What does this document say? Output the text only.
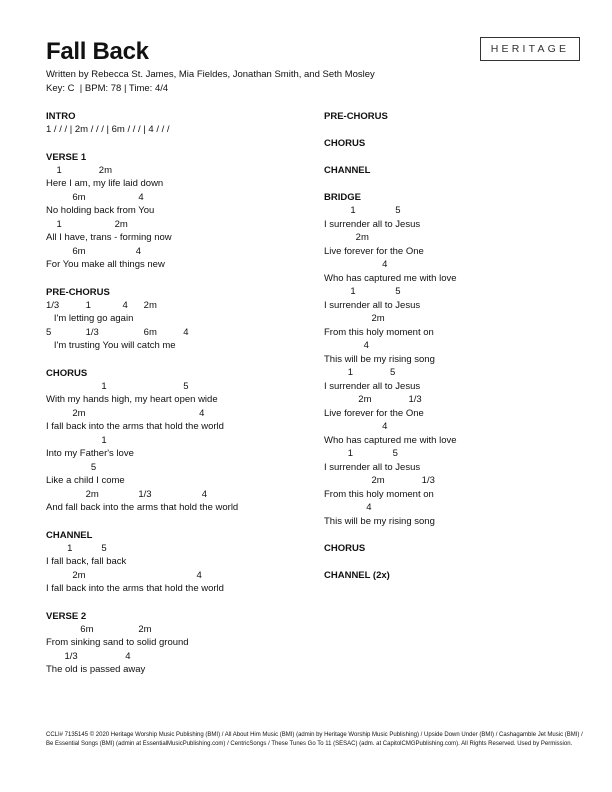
Fall Back	HERITAGE
Written by Rebecca St. James, Mia Fieldes, Jonathan Smith, and Seth Mosley
Key: C  | BPM: 78 | Time: 4/4
INTRO
1 / / / | 2m / / / | 6m / / / | 4 / / /
VERSE 1
1              2m
Here I am, my life laid down
6m                    4
No holding back from You
1                    2m
All I have, trans - forming now
6m                   4
For You make all things new
PRE-CHORUS
1/3          1            4      2m
I'm letting go again
5             1/3                 6m          4
I'm trusting You will catch me
CHORUS
1                             5
With my hands high, my heart open wide
2m                                           4
I fall back into the arms that hold the world
1
Into my Father's love
5
Like a child I come
2m               1/3                   4
And fall back into the arms that hold the world
CHANNEL
1           5
I fall back, fall back
2m                                          4
I fall back into the arms that hold the world
VERSE 2
6m                 2m
From sinking sand to solid ground
1/3                  4
The old is passed away
PRE-CHORUS
CHORUS
CHANNEL
BRIDGE
1               5
I surrender all to Jesus
2m
Live forever for the One
4
Who has captured me with love
1               5
I surrender all to Jesus
2m
From this holy moment on
4
This will be my rising song
1              5
I surrender all to Jesus
2m              1/3
Live forever for the One
4
Who has captured me with love
1               5
I surrender all to Jesus
2m              1/3
From this holy moment on
4
This will be my rising song
CHORUS
CHANNEL (2x)
CCLI# 7135145 © 2020 Heritage Worship Music Publishing (BMI) / All About Him Music (BMI) (admin by Heritage Worship Music Publishing) / Upside Down Under (BMI) / Cashagamble Jet Music (BMI) / Be Essential Songs (BMI) (admin at EssentialMusicPublishing.com) / CentricSongs / These Tunes Go To 11 (SESAC) (adm. at CapitolCMGPublishing.com). All Rights Reserved. Used by Permission.
